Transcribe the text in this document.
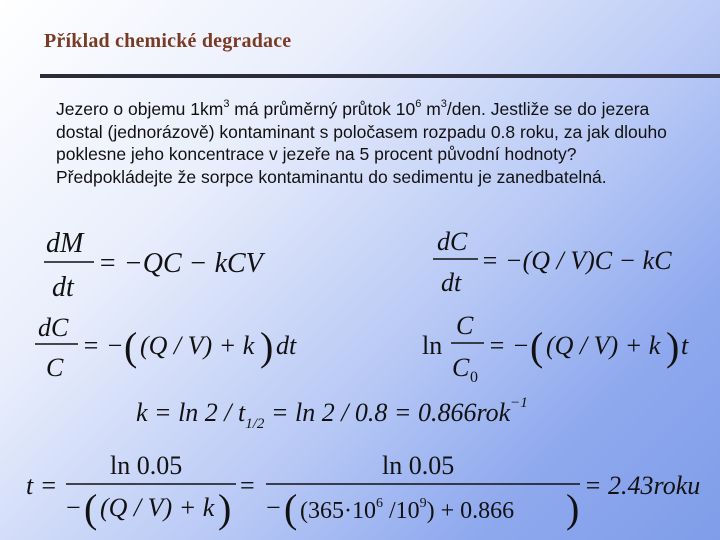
Příklad chemické degradace
Jezero o objemu $1km^3$ má průměrný průtok $10^6$ $m^3$/den. Jestliže se do jezera dostal (jednorázově) kontaminant s poločasem rozpadu 0.8 roku, za jak dlouho poklesne jeho koncentrace v jezeře na 5 procent původní hodnoty? Předpokládejte že sorpce kontaminantu do sedimentu je zanedbatelná.
dM
dt
= −QC − kCV
dC
dt
= −(Q / V)C − kC
dC
C
= − ( (Q / V) + k ) dt	ln
C
C 0
= − ( (Q / V) + k ) t
$k = \ln 2 / t_{1/2} = \ln 2 / 0.8 = 0.866rok^{-1}$
t =
ln 0.05
− ( (Q / V) + k )
=
ln 0.05
− ( ($365\cdot 10^6$ $/10^9) + 0.866$ )
= 2.43roku
